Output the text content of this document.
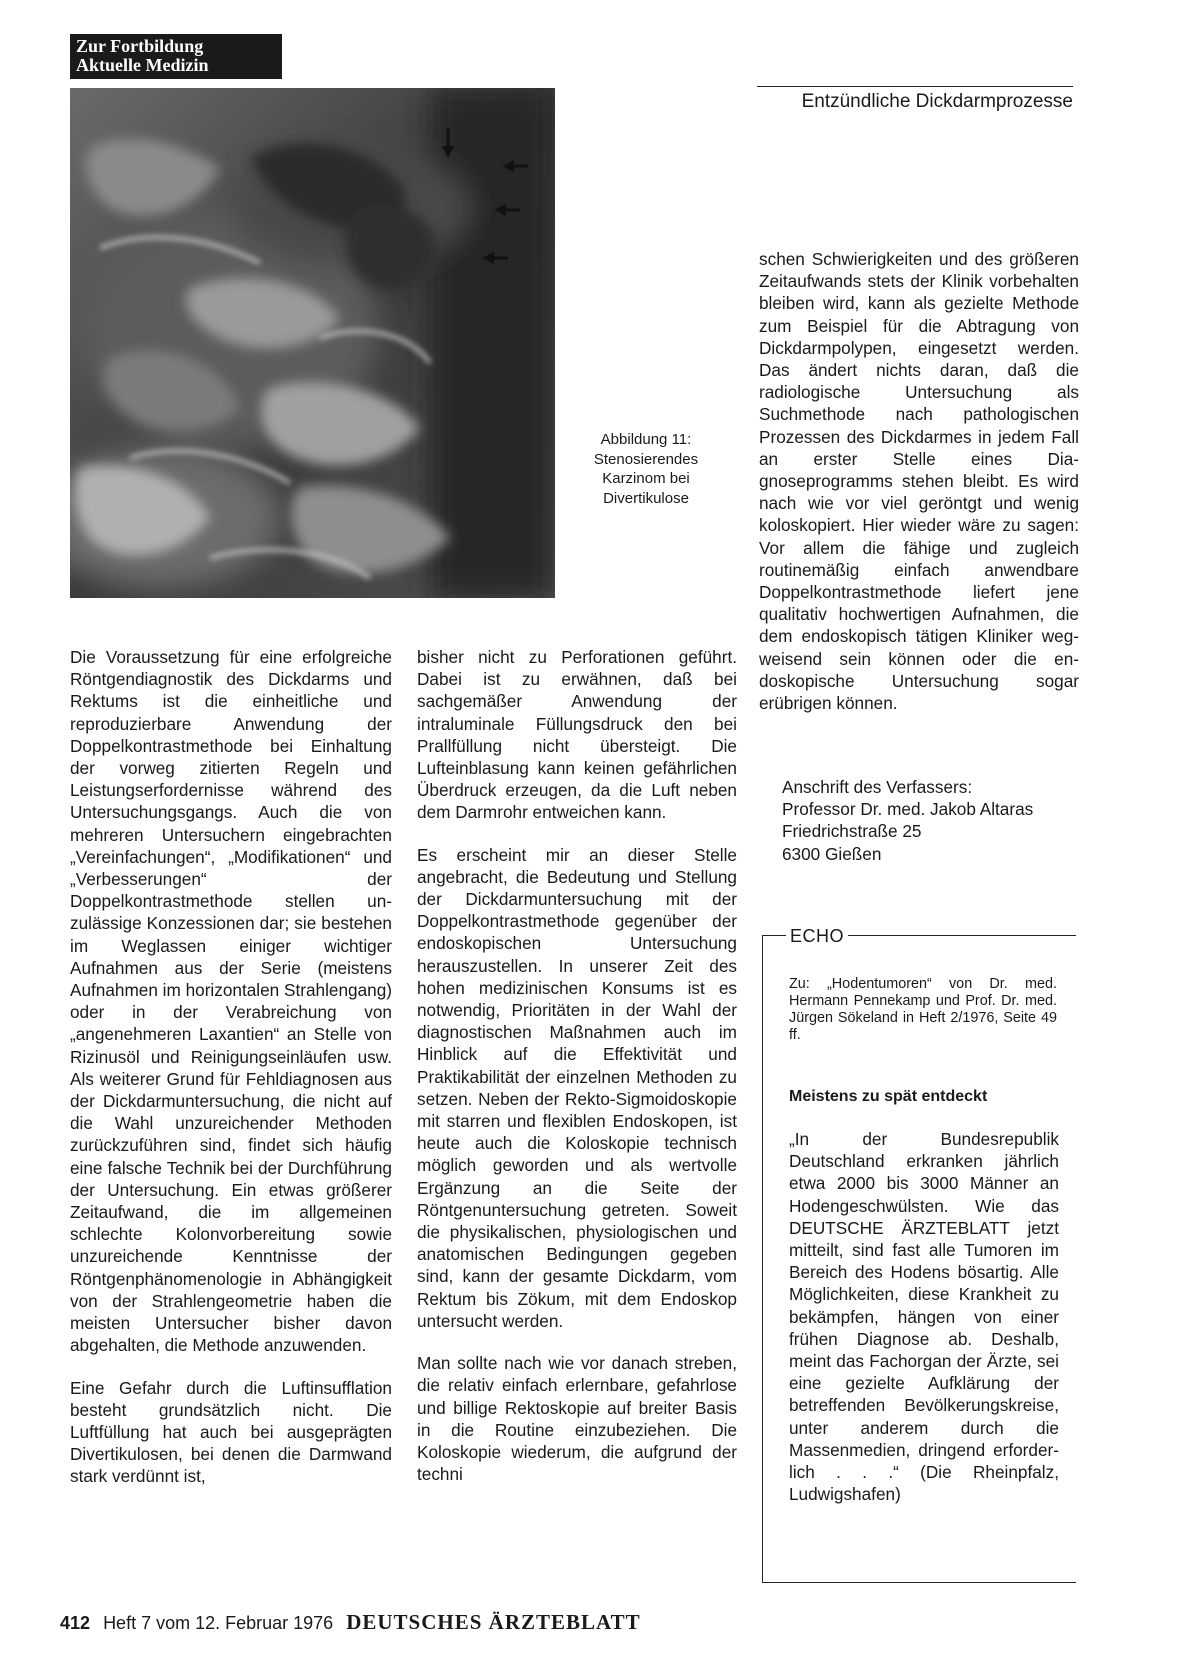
Zur Fortbildung
Aktuelle Medizin
Entzündliche Dickdarmprozesse
Abbildung 11: Stenosierendes Karzinom bei Divertikulose

Die Voraussetzung für eine erfolgreiche Röntgendiagnostik des Dickdarms und Rektums ist die einheitliche und reproduzierbare Anwendung der Doppelkontrastmethode bei Einhaltung der vorweg zitierten Regeln und Leistungserfordernisse während des Untersuchungsgangs. Auch die von mehreren Untersuchern eingebrachten „Vereinfachungen“, „Modifikationen“ und „Verbesserungen“ der Doppelkontrastmethode stellen unzulässige Konzessionen dar; sie bestehen im Weglassen einiger wichtiger Aufnahmen aus der Serie (meistens Aufnahmen im horizontalen Strahlengang) oder in der Verabreichung von „angenehmeren Laxantien“ an Stelle von Rizinusöl und Reinigungseinläufen usw. Als weiterer Grund für Fehldiagnosen aus der Dickdarmuntersuchung, die nicht auf die Wahl unzureichender Methoden zurückzuführen sind, findet sich häufig eine falsche Technik bei der Durchführung der Untersuchung. Ein etwas größerer Zeitaufwand, die im allgemeinen schlechte Kolonvorbereitung sowie unzureichende Kenntnisse der Röntgenphänomenologie in Abhängigkeit von der Strahlengeometrie haben die meisten Untersucher bisher davon abgehalten, die Methode anzuwenden.

Eine Gefahr durch die Luftinsufflation besteht grundsätzlich nicht. Die Luftfüllung hat auch bei ausgeprägten Divertikulosen, bei denen die Darmwand stark verdünnt ist,

bisher nicht zu Perforationen geführt. Dabei ist zu erwähnen, daß bei sachgemäßer Anwendung der intraluminale Füllungsdruck den bei Prallfüllung nicht übersteigt. Die Lufteinblasung kann keinen gefährlichen Überdruck erzeugen, da die Luft neben dem Darmrohr entweichen kann.

Es erscheint mir an dieser Stelle angebracht, die Bedeutung und Stellung der Dickdarmuntersuchung mit der Doppelkontrastmethode gegenüber der endoskopischen Untersuchung herauszustellen. In unserer Zeit des hohen medizinischen Konsums ist es notwendig, Prioritäten in der Wahl der diagnostischen Maßnahmen auch im Hinblick auf die Effektivität und Praktikabilität der einzelnen Methoden zu setzen. Neben der Rekto-Sigmoidoskopie mit starren und flexiblen Endoskopen, ist heute auch die Koloskopie technisch möglich geworden und als wertvolle Ergänzung an die Seite der Röntgenuntersuchung getreten. Soweit die physikalischen, physiologischen und anatomischen Bedingungen gegeben sind, kann der gesamte Dickdarm, vom Rektum bis Zökum, mit dem Endoskop untersucht werden.

Man sollte nach wie vor danach streben, die relativ einfach erlernbare, gefahrlose und billige Rektoskopie auf breiter Basis in die Routine einzubeziehen. Die Koloskopie wiederum, die aufgrund der techni

schen Schwierigkeiten und des größeren Zeitaufwands stets der Klinik vorbehalten bleiben wird, kann als gezielte Methode zum Beispiel für die Abtragung von Dickdarmpolypen, eingesetzt werden. Das ändert nichts daran, daß die radiologische Untersuchung als Suchmethode nach pathologischen Prozessen des Dickdarmes in jedem Fall an erster Stelle eines Diagnoseprogramms stehen bleibt. Es wird nach wie vor viel geröntgt und wenig koloskopiert. Hier wieder wäre zu sagen: Vor allem die fähige und zugleich routinemäßig einfach anwendbare Doppelkontrastmethode liefert jene qualitativ hochwertigen Aufnahmen, die dem endoskopisch tätigen Kliniker wegweisend sein können oder die endoskopische Untersuchung sogar erübrigen können.

Anschrift des Verfassers:
Professor Dr. med. Jakob Altaras
Friedrichstraße 25
6300 Gießen
ECHO
Zu: „Hodentumoren“ von Dr. med. Hermann Pennekamp und Prof. Dr. med. Jürgen Sökeland in Heft 2/1976, Seite 49 ff.
Meistens zu spät entdeckt
„In der Bundesrepublik Deutschland erkranken jährlich etwa 2000 bis 3000 Männer an Hodengeschwülsten. Wie das DEUTSCHE ÄRZTEBLATT jetzt mitteilt, sind fast alle Tumoren im Bereich des Hodens bösartig. Alle Möglichkeiten, diese Krankheit zu bekämpfen, hängen von einer frühen Diagnose ab. Deshalb, meint das Fachorgan der Ärzte, sei eine gezielte Aufklärung der betreffenden Bevölkerungskreise, unter anderem durch die Massenmedien, dringend erforderlich . . .“ (Die Rheinpfalz, Ludwigshafen)
412 Heft 7 vom 12. Februar 1976 DEUTSCHES ÄRZTEBLATT
